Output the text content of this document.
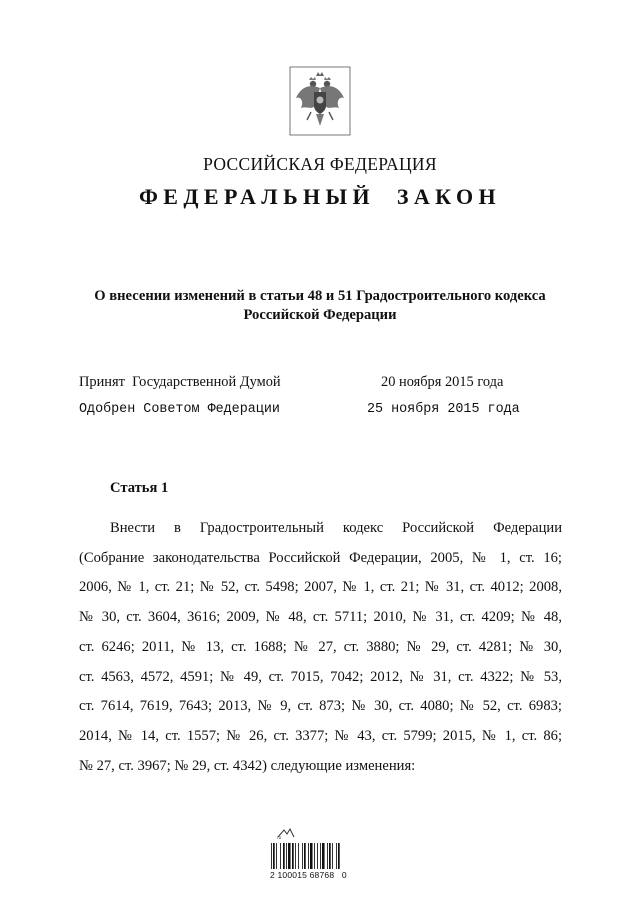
РОССИЙСКАЯ ФЕДЕРАЦИЯ
ФЕДЕРАЛЬНЫЙ  ЗАКОН
О внесении изменений в статьи 48 и 51 Градостроительного кодекса
Российской Федерации
Принят  Государственной Думой	20 ноября 2015 года
Одобрен Советом Федерации	25 ноября 2015 года
Статья 1
Внести в Градостроительный кодекс Российской Федерации
(Собрание законодательства Российской Федерации, 2005, № 1, ст. 16;
2006, № 1, ст. 21; № 52, ст. 5498; 2007, № 1, ст. 21; № 31, ст. 4012; 2008,
№ 30, ст. 3604, 3616; 2009, № 48, ст. 5711; 2010, № 31, ст. 4209; № 48,
ст. 6246; 2011, № 13, ст. 1688; № 27, ст. 3880; № 29, ст. 4281; № 30,
ст. 4563, 4572, 4591; № 49, ст. 7015, 7042; 2012, № 31, ст. 4322; № 53,
ст. 7614, 7619, 7643; 2013, № 9, ст. 873; № 30, ст. 4080; № 52, ст. 6983;
2014, № 14, ст. 1557; № 26, ст. 3377; № 43, ст. 5799; 2015, № 1, ст. 86;
№ 27, ст. 3967; № 29, ст. 4342) следующие изменения:
ГД
2 100015 68768   0
